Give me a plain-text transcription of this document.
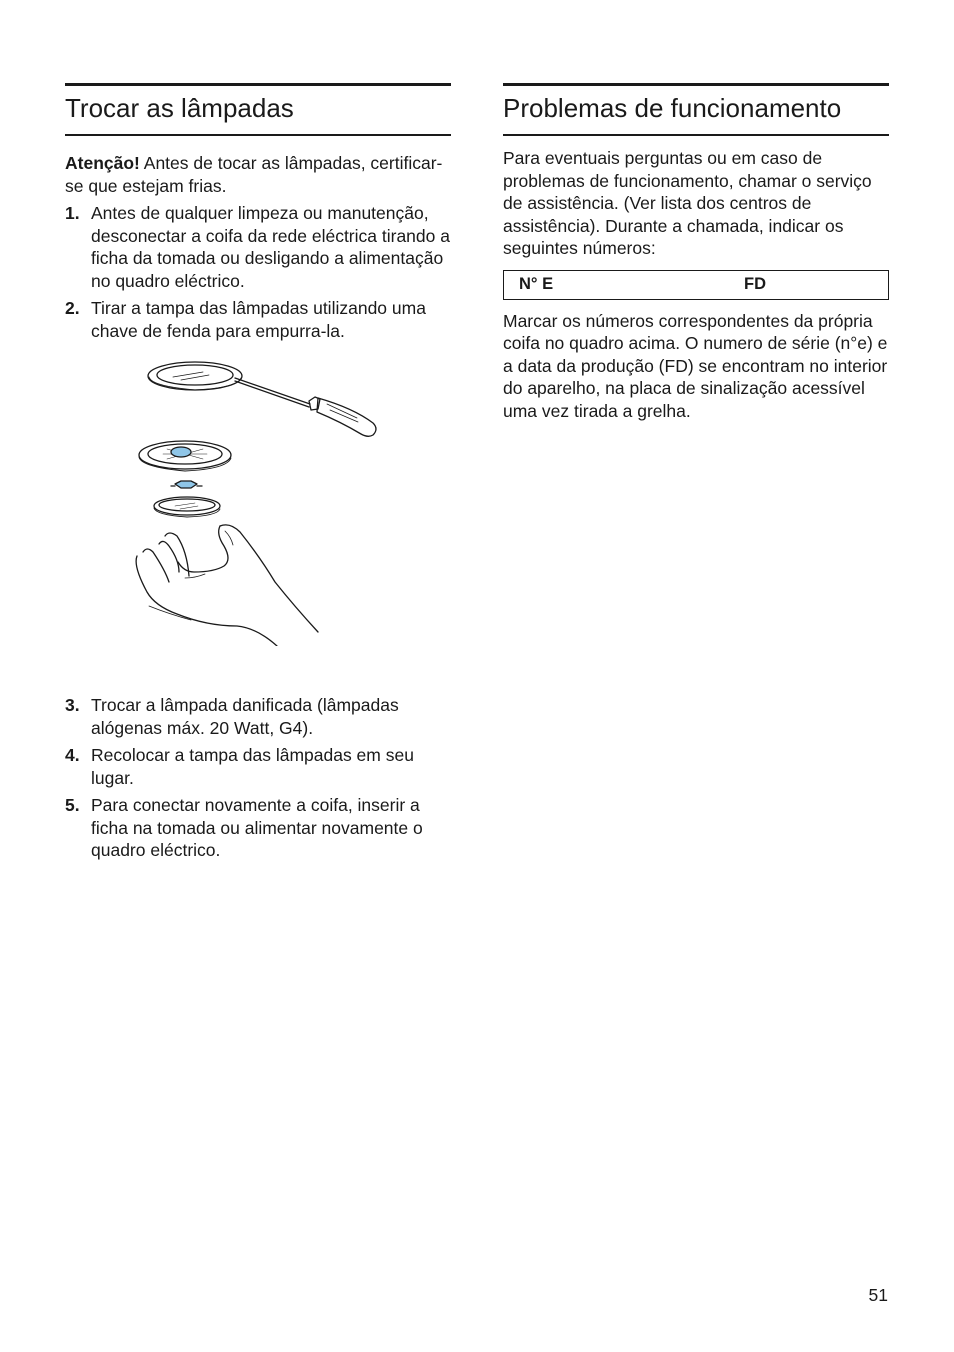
Trocar as lâmpadas
Atenção! Antes de tocar as lâmpadas, certificar-se que estejam frias.
1. Antes de qualquer limpeza ou manutenção, desconectar a coifa da rede eléctrica tirando a ficha da tomada ou desligando a alimentação no quadro eléctrico.
2. Tirar a tampa das lâmpadas utilizando uma chave de fenda para empurra-la.
3. Trocar a lâmpada danificada (lâmpadas alógenas máx. 20 Watt, G4).
4. Recolocar a tampa das lâmpadas em seu lugar.
5. Para conectar novamente a coifa, inserir a ficha na tomada ou alimentar novamente o quadro eléctrico.
Problemas de funcionamento
Para eventuais perguntas ou em caso de problemas de funcionamento, chamar o serviço de assistência. (Ver lista dos centros de assistência). Durante a chamada, indicar os seguintes números:
N° E	FD
Marcar os números correspondentes da própria coifa no quadro acima. O numero de série (n°e) e a data da produção (FD) se encontram no interior do aparelho, na placa de sinalização acessível uma vez tirada a grelha.
51
